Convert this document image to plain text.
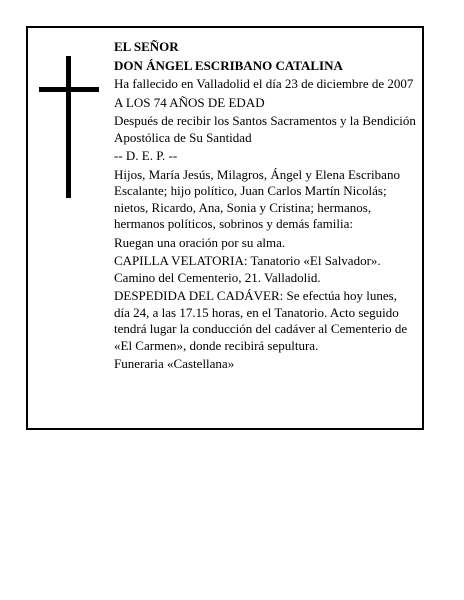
EL SEÑOR

DON ÁNGEL ESCRIBANO CATALINA

Ha fallecido en Valladolid el día 23 de diciembre de 2007

A LOS 74 AÑOS DE EDAD

Después de recibir los Santos Sacramentos y la Bendición Apostólica de Su Santidad

-- D. E. P. --

Hijos, María Jesús, Milagros, Ángel y Elena Escribano Escalante; hijo político, Juan Carlos Martín Nicolás; nietos, Ricardo, Ana, Sonia y Cristina; hermanos, hermanos políticos, sobrinos y demás familia:

Ruegan una oración por su alma.

CAPILLA VELATORIA: Tanatorio «El Salvador». Camino del Cementerio, 21. Valladolid.

DESPEDIDA DEL CADÁVER: Se efectúa hoy lunes, día 24, a las 17.15 horas, en el Tanatorio. Acto seguido tendrá lugar la conducción del cadáver al Cementerio de «El Carmen», donde recibirá sepultura.

Funeraria «Castellana»
